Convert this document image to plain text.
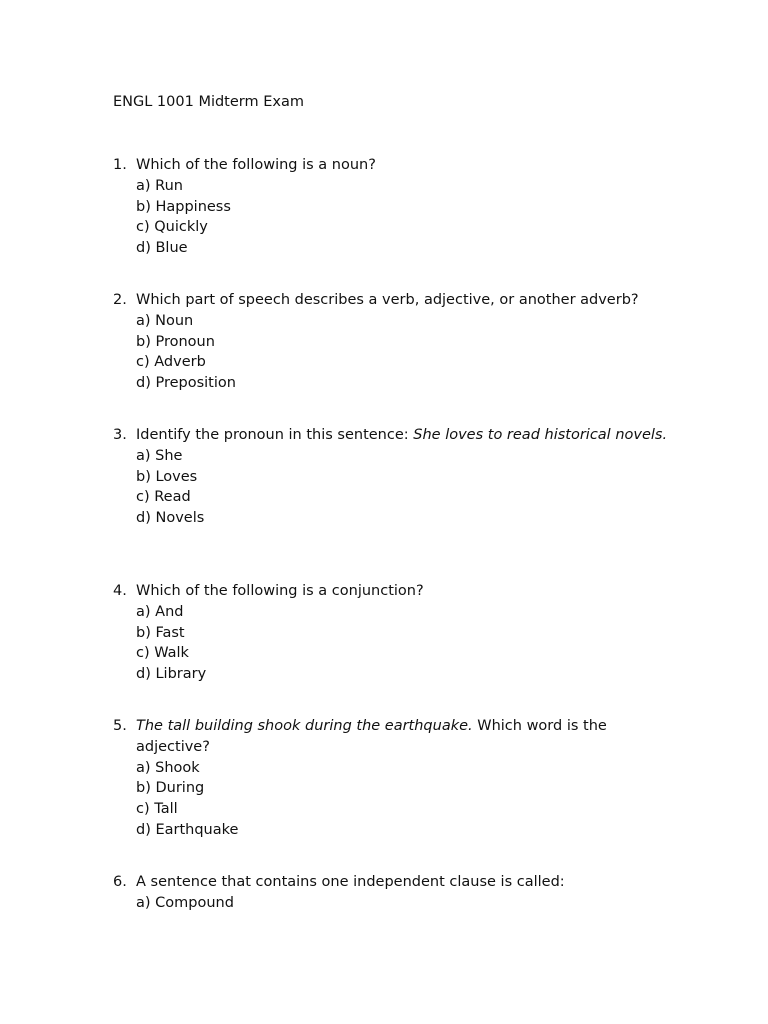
ENGL 1001 Midterm Exam
1. Which of the following is a noun?
a) Run
b) Happiness
c) Quickly
d) Blue
2. Which part of speech describes a verb, adjective, or another adverb?
a) Noun
b) Pronoun
c) Adverb
d) Preposition
3. Identify the pronoun in this sentence: She loves to read historical novels.
a) She
b) Loves
c) Read
d) Novels
4. Which of the following is a conjunction?
a) And
b) Fast
c) Walk
d) Library
5. The tall building shook during the earthquake. Which word is the adjective?
a) Shook
b) During
c) Tall
d) Earthquake
6. A sentence that contains one independent clause is called:
a) Compound
